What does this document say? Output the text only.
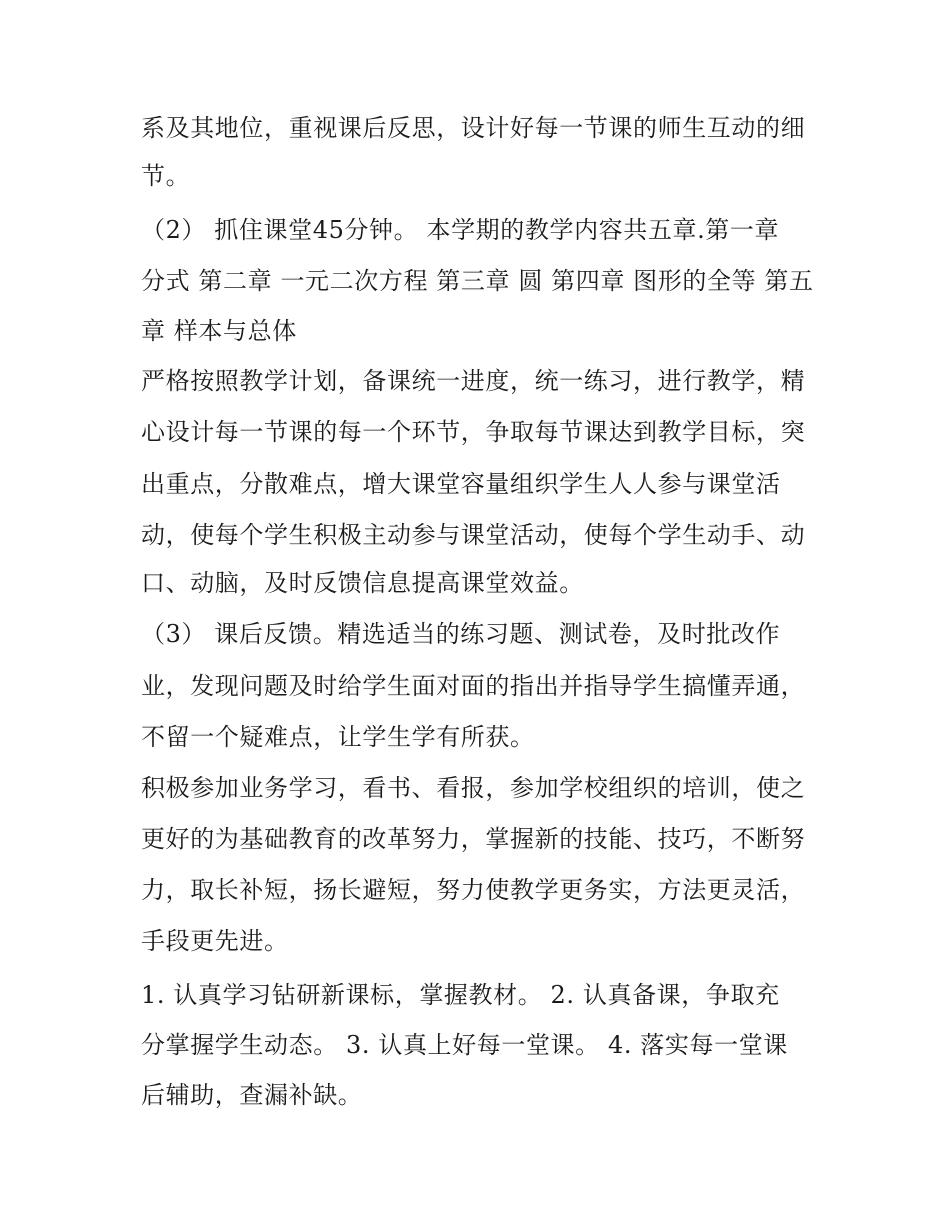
系及其地位，重视课后反思，设计好每一节课的师生互动的细
节。
（2） 抓住课堂45分钟。 本学期的教学内容共五章.第一章
分式 第二章 一元二次方程 第三章 圆 第四章 图形的全等 第五
章 样本与总体
严格按照教学计划，备课统一进度，统一练习，进行教学，精
心设计每一节课的每一个环节，争取每节课达到教学目标，突
出重点，分散难点，增大课堂容量组织学生人人参与课堂活
动，使每个学生积极主动参与课堂活动，使每个学生动手、动
口、动脑，及时反馈信息提高课堂效益。
（3） 课后反馈。精选适当的练习题、测试卷，及时批改作
业，发现问题及时给学生面对面的指出并指导学生搞懂弄通，
不留一个疑难点，让学生学有所获。
积极参加业务学习，看书、看报，参加学校组织的培训，使之
更好的为基础教育的改革努力，掌握新的技能、技巧，不断努
力，取长补短，扬长避短，努力使教学更务实，方法更灵活，
手段更先进。
1. 认真学习钻研新课标，掌握教材。 2. 认真备课，争取充
分掌握学生动态。 3. 认真上好每一堂课。 4. 落实每一堂课
后辅助，查漏补缺。
